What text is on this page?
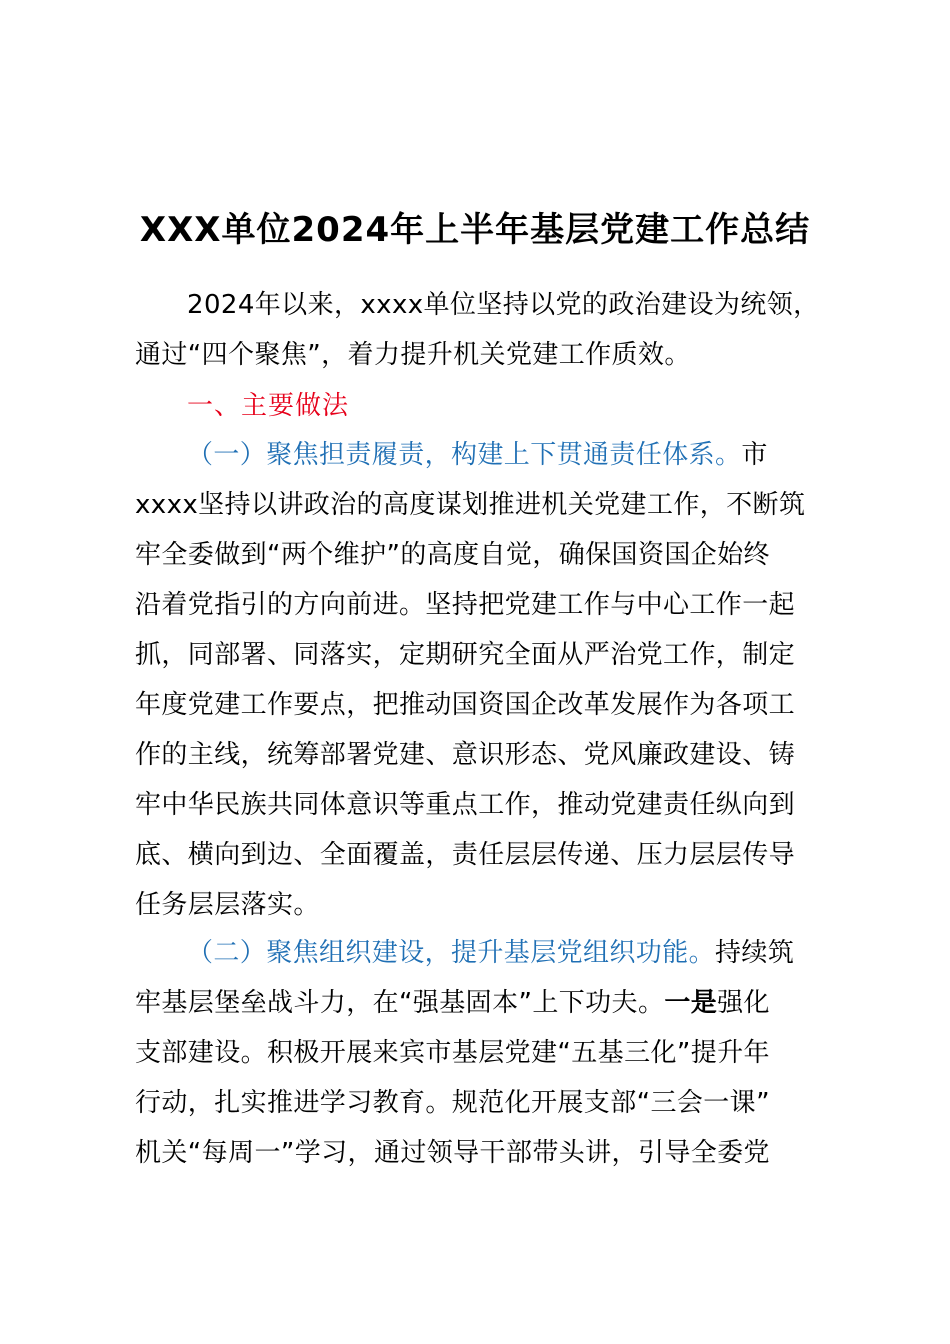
XXX单位2024年上半年基层党建工作总结
2024年以来，xxxx单位坚持以党的政治建设为统领，
通过“四个聚焦”，着力提升机关党建工作质效。
一、主要做法
（一）聚焦担责履责，构建上下贯通责任体系。市
xxxx坚持以讲政治的高度谋划推进机关党建工作，不断筑
牢全委做到“两个维护”的高度自觉，确保国资国企始终
沿着党指引的方向前进。坚持把党建工作与中心工作一起
抓，同部署、同落实，定期研究全面从严治党工作，制定
年度党建工作要点，把推动国资国企改革发展作为各项工
作的主线，统筹部署党建、意识形态、党风廉政建设、铸
牢中华民族共同体意识等重点工作，推动党建责任纵向到
底、横向到边、全面覆盖，责任层层传递、压力层层传导
任务层层落实。
（二）聚焦组织建设，提升基层党组织功能。持续筑
牢基层堡垒战斗力，在“强基固本”上下功夫。一是强化
支部建设。积极开展来宾市基层党建“五基三化”提升年
行动，扎实推进学习教育。规范化开展支部“三会一课”
机关“每周一”学习，通过领导干部带头讲，引导全委党
